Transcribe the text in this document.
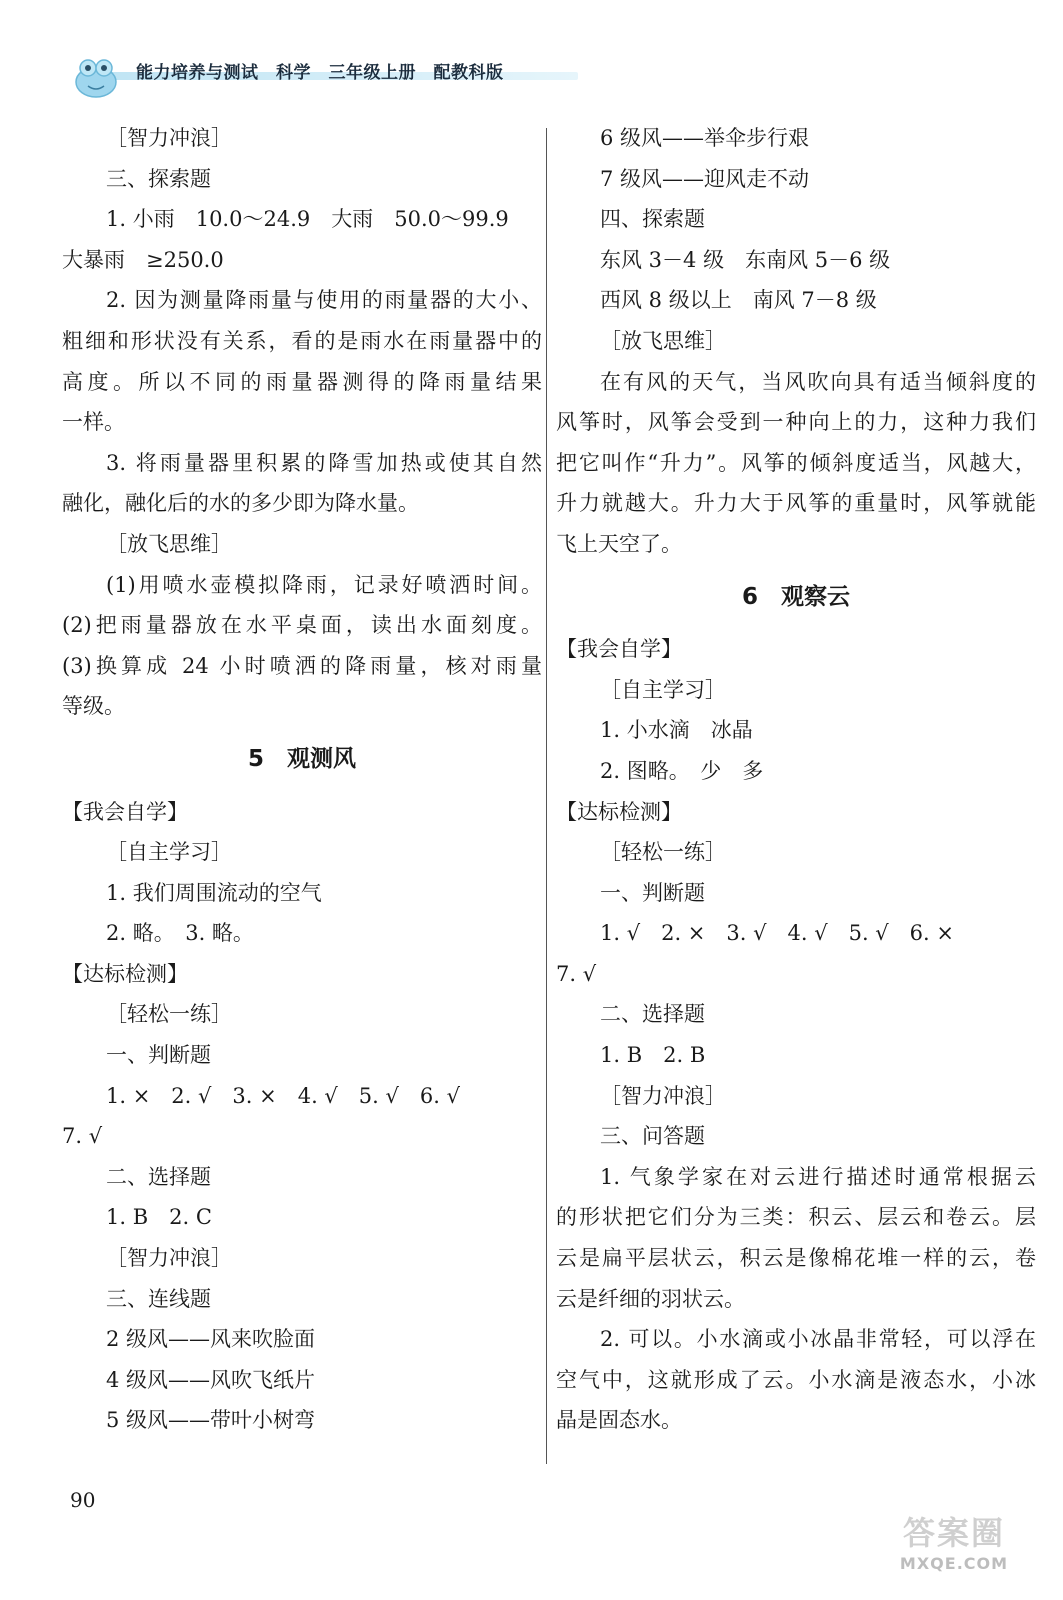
能力培养与测试　科学　三年级上册　配教科版
［智力冲浪］
三、探索题
1. 小雨　10.0～24.9　大雨　50.0～99.9
大暴雨　≥250.0
2. 因为测量降雨量与使用的雨量器的大小、
粗细和形状没有关系，看的是雨水在雨量器中的
高度。所以不同的雨量器测得的降雨量结果
一样。
3. 将雨量器里积累的降雪加热或使其自然
融化，融化后的水的多少即为降水量。
［放飞思维］
(1)用喷水壶模拟降雨，记录好喷洒时间。
(2)把雨量器放在水平桌面，读出水面刻度。
(3)换算成 24 小时喷洒的降雨量，核对雨量
等级。
5　观测风
【我会自学】
［自主学习］
1. 我们周围流动的空气
2. 略。　3. 略。
【达标检测】
［轻松一练］
一、判断题
1. ×　2. √　3. ×　4. √　5. √　6. √
7. √
二、选择题
1. B　2. C
［智力冲浪］
三、连线题
2 级风——风来吹脸面
4 级风——风吹飞纸片
5 级风——带叶小树弯
6 级风——举伞步行艰
7 级风——迎风走不动
四、探索题
东风 3－4 级　东南风 5－6 级
西风 8 级以上　南风 7－8 级
［放飞思维］
在有风的天气，当风吹向具有适当倾斜度的
风筝时，风筝会受到一种向上的力，这种力我们
把它叫作“升力”。风筝的倾斜度适当，风越大，
升力就越大。升力大于风筝的重量时，风筝就能
飞上天空了。
6　观察云
【我会自学】
［自主学习］
1. 小水滴　冰晶
2. 图略。　少　多
【达标检测】
［轻松一练］
一、判断题
1. √　2. ×　3. √　4. √　5. √　6. ×
7. √
二、选择题
1. B　2. B
［智力冲浪］
三、问答题
1. 气象学家在对云进行描述时通常根据云
的形状把它们分为三类：积云、层云和卷云。层
云是扁平层状云，积云是像棉花堆一样的云，卷
云是纤细的羽状云。
2. 可以。小水滴或小冰晶非常轻，可以浮在
空气中，这就形成了云。小水滴是液态水，小冰
晶是固态水。
90
答案圈
MXQE.COM
